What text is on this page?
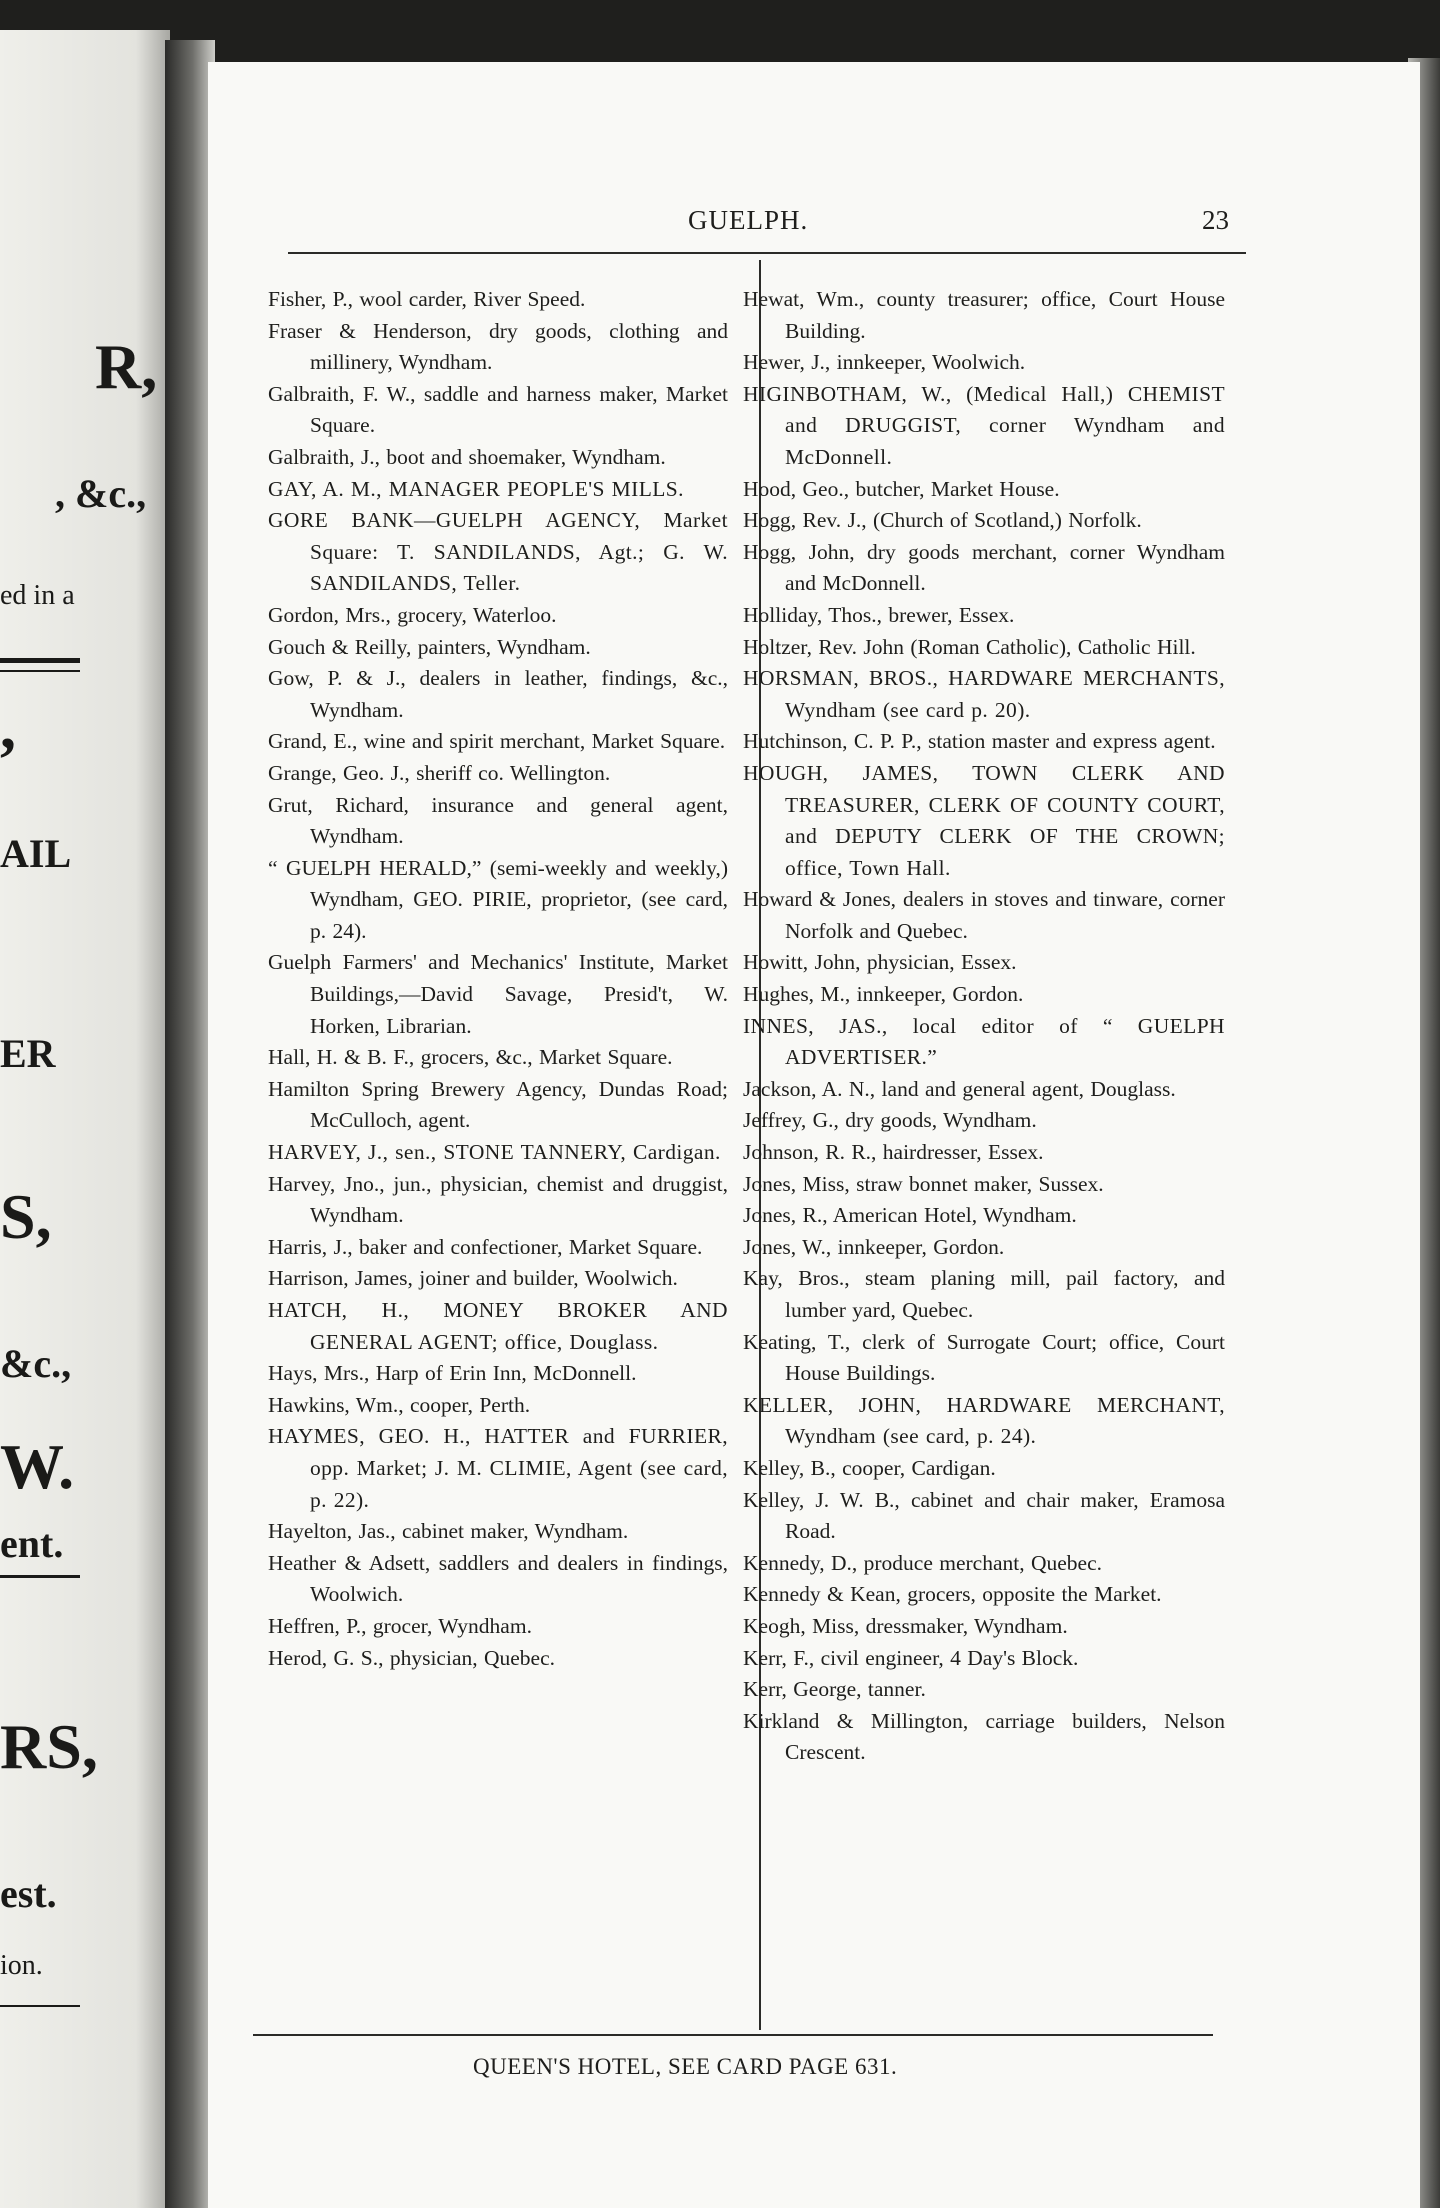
R,
, &c.,
ed in a
,
AIL
ER
S,
&c.,
W.
ent.
RS,
est.
ion.
GUELPH.	23
Fisher, P., wool carder, River Speed.
Fraser & Henderson, dry goods, clothing and millinery, Wyndham.
Galbraith, F. W., saddle and harness maker, Market Square.
Galbraith, J., boot and shoemaker, Wyndham.
GAY, A. M., MANAGER PEOPLE'S MILLS.
GORE BANK—GUELPH AGENCY, Market Square: T. SANDILANDS, Agt.; G. W. SANDILANDS, Teller.
Gordon, Mrs., grocery, Waterloo.
Gouch & Reilly, painters, Wyndham.
Gow, P. & J., dealers in leather, findings, &c., Wyndham.
Grand, E., wine and spirit merchant, Market Square.
Grange, Geo. J., sheriff co. Wellington.
Grut, Richard, insurance and general agent, Wyndham.
“ GUELPH HERALD,” (semi-weekly and weekly,) Wyndham, GEO. PIRIE, proprietor, (see card, p. 24).
Guelph Farmers' and Mechanics' Institute, Market Buildings,—David Savage, Presid't, W. Horken, Librarian.
Hall, H. & B. F., grocers, &c., Market Square.
Hamilton Spring Brewery Agency, Dundas Road; McCulloch, agent.
HARVEY, J., sen., STONE TANNERY, Cardigan.
Harvey, Jno., jun., physician, chemist and druggist, Wyndham.
Harris, J., baker and confectioner, Market Square.
Harrison, James, joiner and builder, Woolwich.
HATCH, H., MONEY BROKER AND GENERAL AGENT; office, Douglass.
Hays, Mrs., Harp of Erin Inn, McDonnell.
Hawkins, Wm., cooper, Perth.
HAYMES, GEO. H., HATTER and FURRIER, opp. Market; J. M. CLIMIE, Agent (see card, p. 22).
Hayelton, Jas., cabinet maker, Wyndham.
Heather & Adsett, saddlers and dealers in findings, Woolwich.
Heffren, P., grocer, Wyndham.
Herod, G. S., physician, Quebec.
Hewat, Wm., county treasurer; office, Court House Building.
Hewer, J., innkeeper, Woolwich.
HIGINBOTHAM, W., (Medical Hall,) CHEMIST and DRUGGIST, corner Wyndham and McDonnell.
Hood, Geo., butcher, Market House.
Hogg, Rev. J., (Church of Scotland,) Norfolk.
Hogg, John, dry goods merchant, corner Wyndham and McDonnell.
Holliday, Thos., brewer, Essex.
Holtzer, Rev. John (Roman Catholic), Catholic Hill.
HORSMAN, BROS., HARDWARE MERCHANTS, Wyndham (see card p. 20).
Hutchinson, C. P. P., station master and express agent.
HOUGH, JAMES, TOWN CLERK AND TREASURER, CLERK OF COUNTY COURT, and DEPUTY CLERK OF THE CROWN; office, Town Hall.
Howard & Jones, dealers in stoves and tinware, corner Norfolk and Quebec.
Howitt, John, physician, Essex.
Hughes, M., innkeeper, Gordon.
INNES, JAS., local editor of “ GUELPH ADVERTISER.”
Jackson, A. N., land and general agent, Douglass.
Jeffrey, G., dry goods, Wyndham.
Johnson, R. R., hairdresser, Essex.
Jones, Miss, straw bonnet maker, Sussex.
Jones, R., American Hotel, Wyndham.
Jones, W., innkeeper, Gordon.
Kay, Bros., steam planing mill, pail factory, and lumber yard, Quebec.
Keating, T., clerk of Surrogate Court; office, Court House Buildings.
KELLER, JOHN, HARDWARE MERCHANT, Wyndham (see card, p. 24).
Kelley, B., cooper, Cardigan.
Kelley, J. W. B., cabinet and chair maker, Eramosa Road.
Kennedy, D., produce merchant, Quebec.
Kennedy & Kean, grocers, opposite the Market.
Keogh, Miss, dressmaker, Wyndham.
Kerr, F., civil engineer, 4 Day's Block.
Kerr, George, tanner.
Kirkland & Millington, carriage builders, Nelson Crescent.
QUEEN'S HOTEL, SEE CARD PAGE 631.
